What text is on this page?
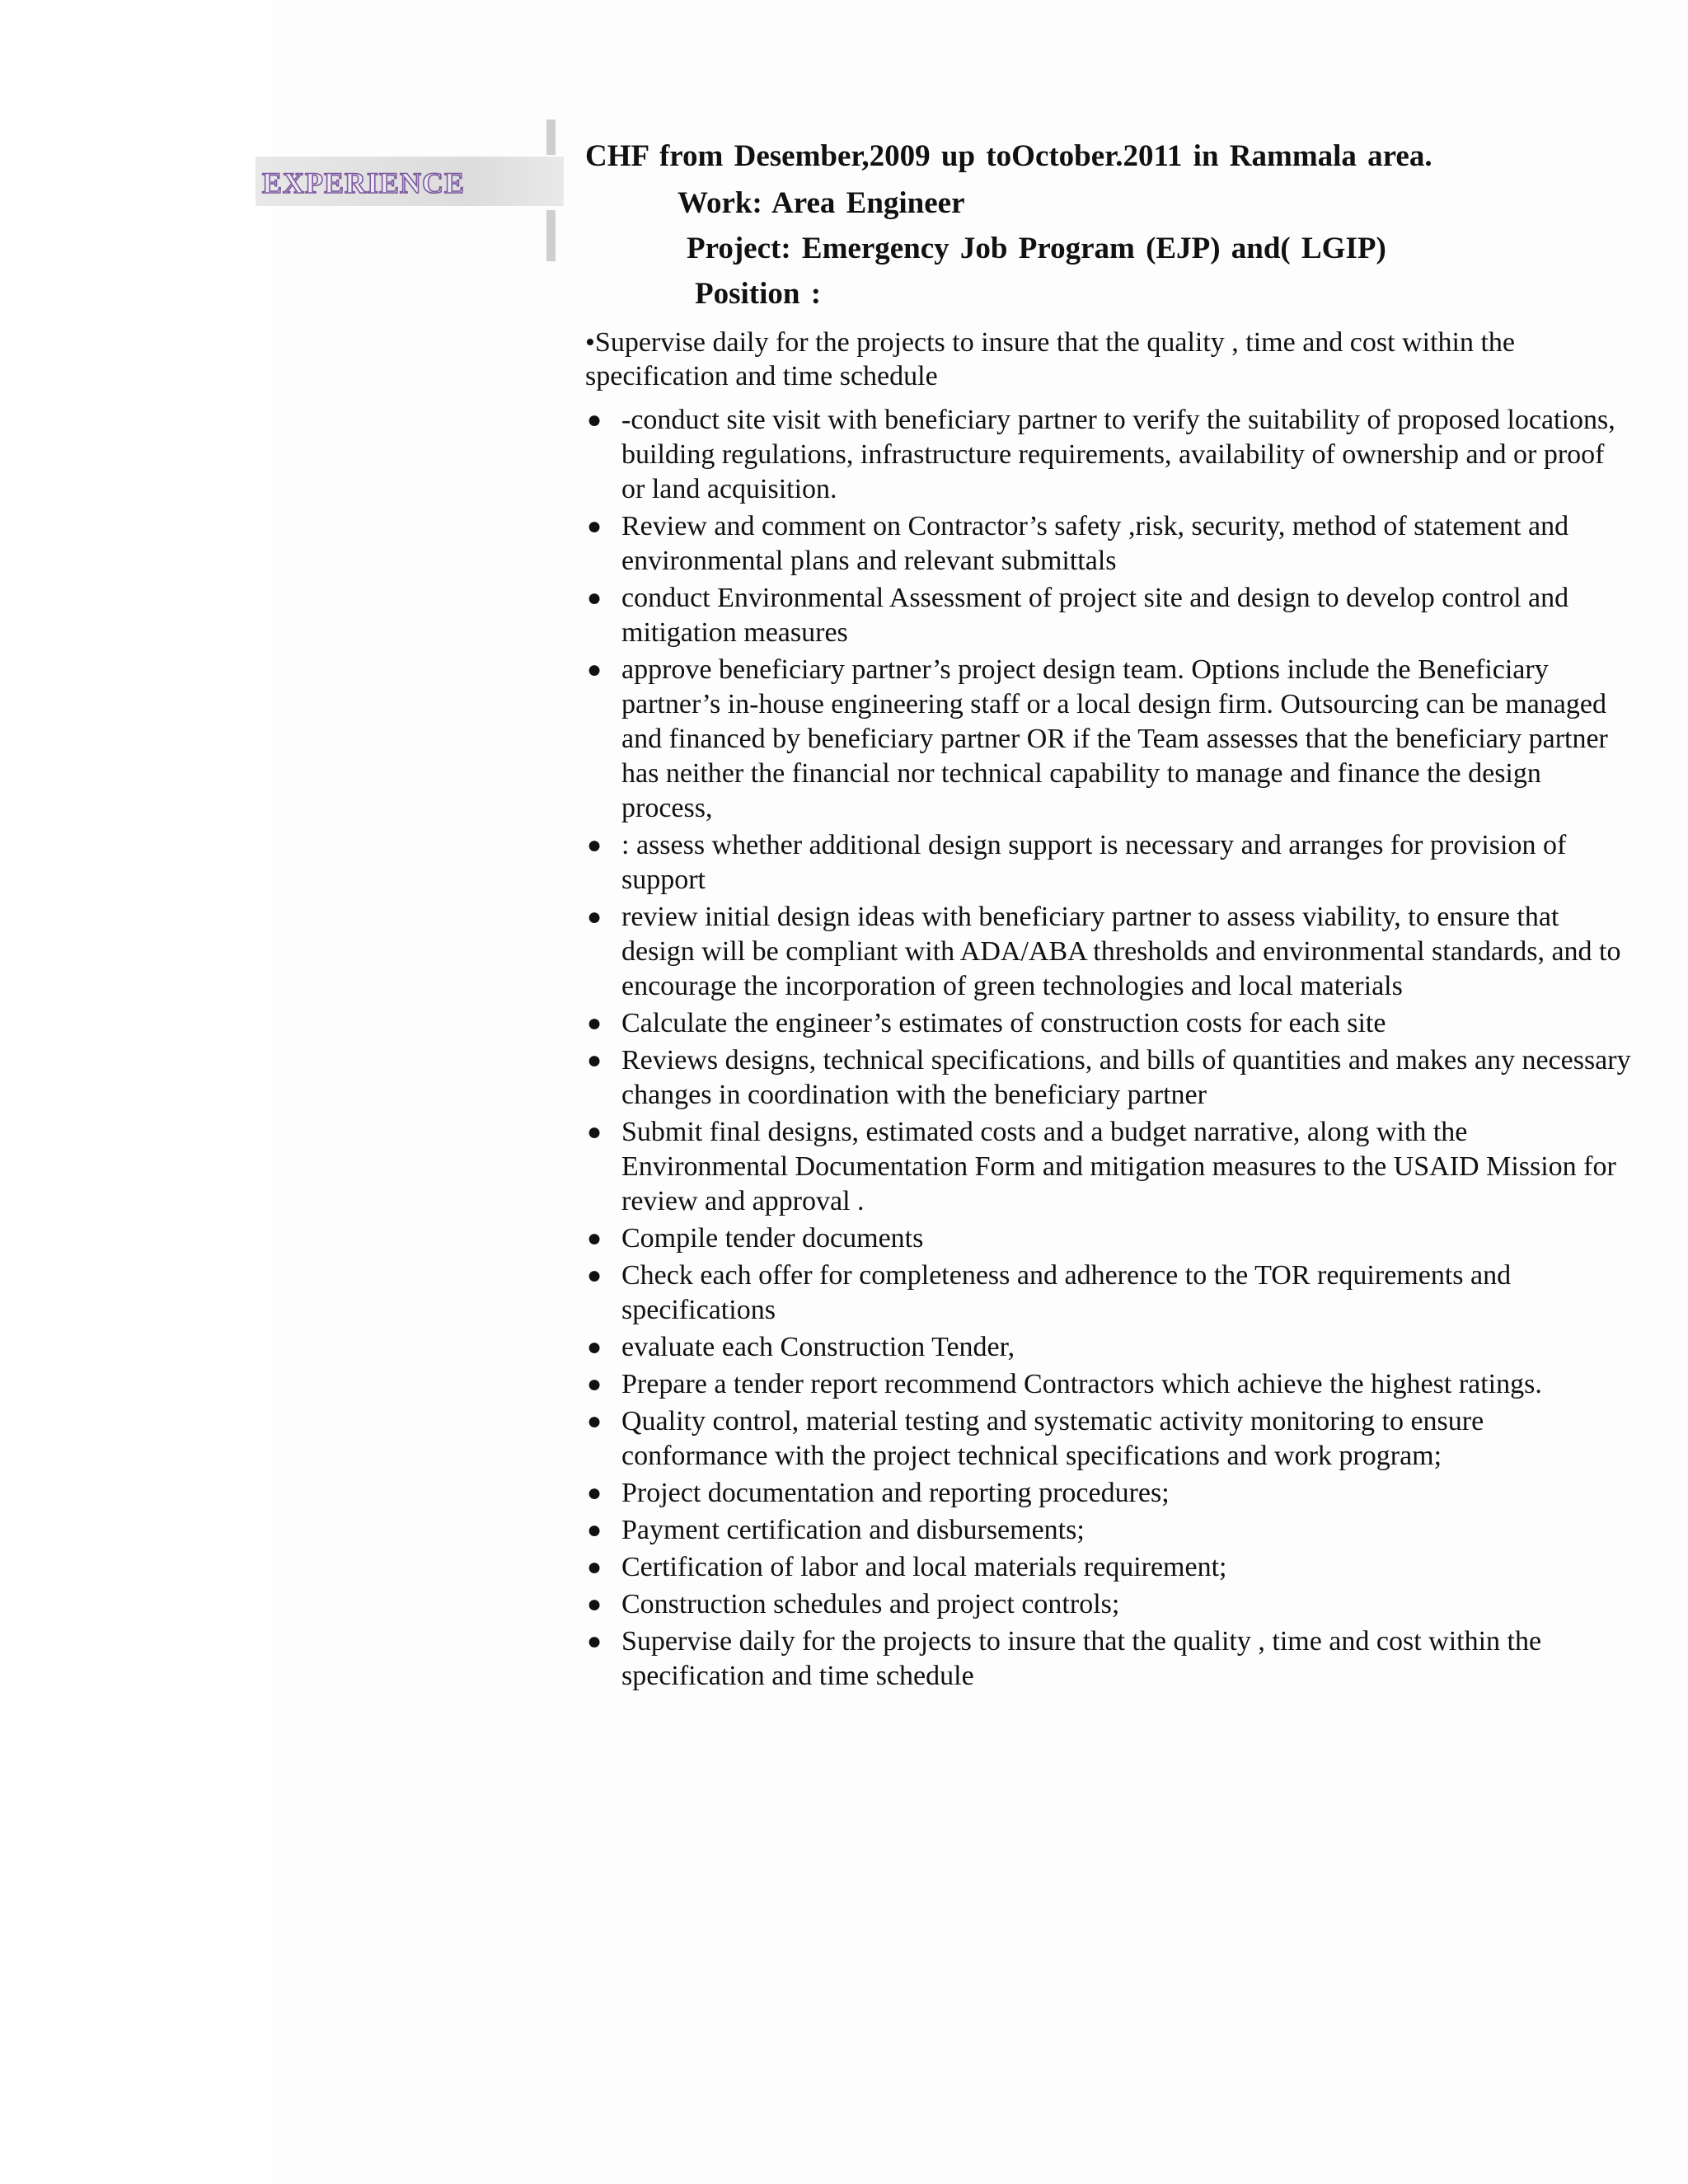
EXPERIENCE
CHF from Desember,2009 up toOctober.2011 in Rammala area.
Work: Area Engineer
Project: Emergency Job Program (EJP) and( LGIP)
Position :
•Supervise daily for the projects to insure that the quality , time and cost within the specification and time schedule
● -conduct site visit with beneficiary partner to verify the suitability of proposed locations, building regulations, infrastructure requirements, availability of ownership and or proof or land acquisition.
● Review and comment on Contractor’s safety ,risk, security, method of statement and environmental plans and relevant submittals
● conduct Environmental Assessment of project site and design to develop control and mitigation measures
● approve beneficiary partner’s project design team. Options include the Beneficiary partner’s in-house engineering staff or a local design firm. Outsourcing can be managed and financed by beneficiary partner OR if the Team assesses that the beneficiary partner has neither the financial nor technical capability to manage and finance the design process,
● : assess whether additional design support is necessary and arranges for provision of support
● review initial design ideas with beneficiary partner to assess viability, to ensure that design will be compliant with ADA/ABA thresholds and environmental standards, and to encourage the incorporation of green technologies and local materials
● Calculate the engineer’s estimates of construction costs for each site
● Reviews designs, technical specifications, and bills of quantities and makes any necessary changes in coordination with the beneficiary partner
● Submit final designs, estimated costs and a budget narrative, along with the Environmental Documentation Form and mitigation measures to the USAID Mission for review and approval .
● Compile tender documents
● Check each offer for completeness and adherence to the TOR requirements and specifications
● evaluate each Construction Tender,
● Prepare a tender report recommend Contractors which achieve the highest ratings.
● Quality control, material testing and systematic activity monitoring to ensure conformance with the project technical specifications and work program;
● Project documentation and reporting procedures;
● Payment certification and disbursements;
● Certification of labor and local materials requirement;
● Construction schedules and project controls;
● Supervise daily for the projects to insure that the quality , time and cost within the specification and time schedule
